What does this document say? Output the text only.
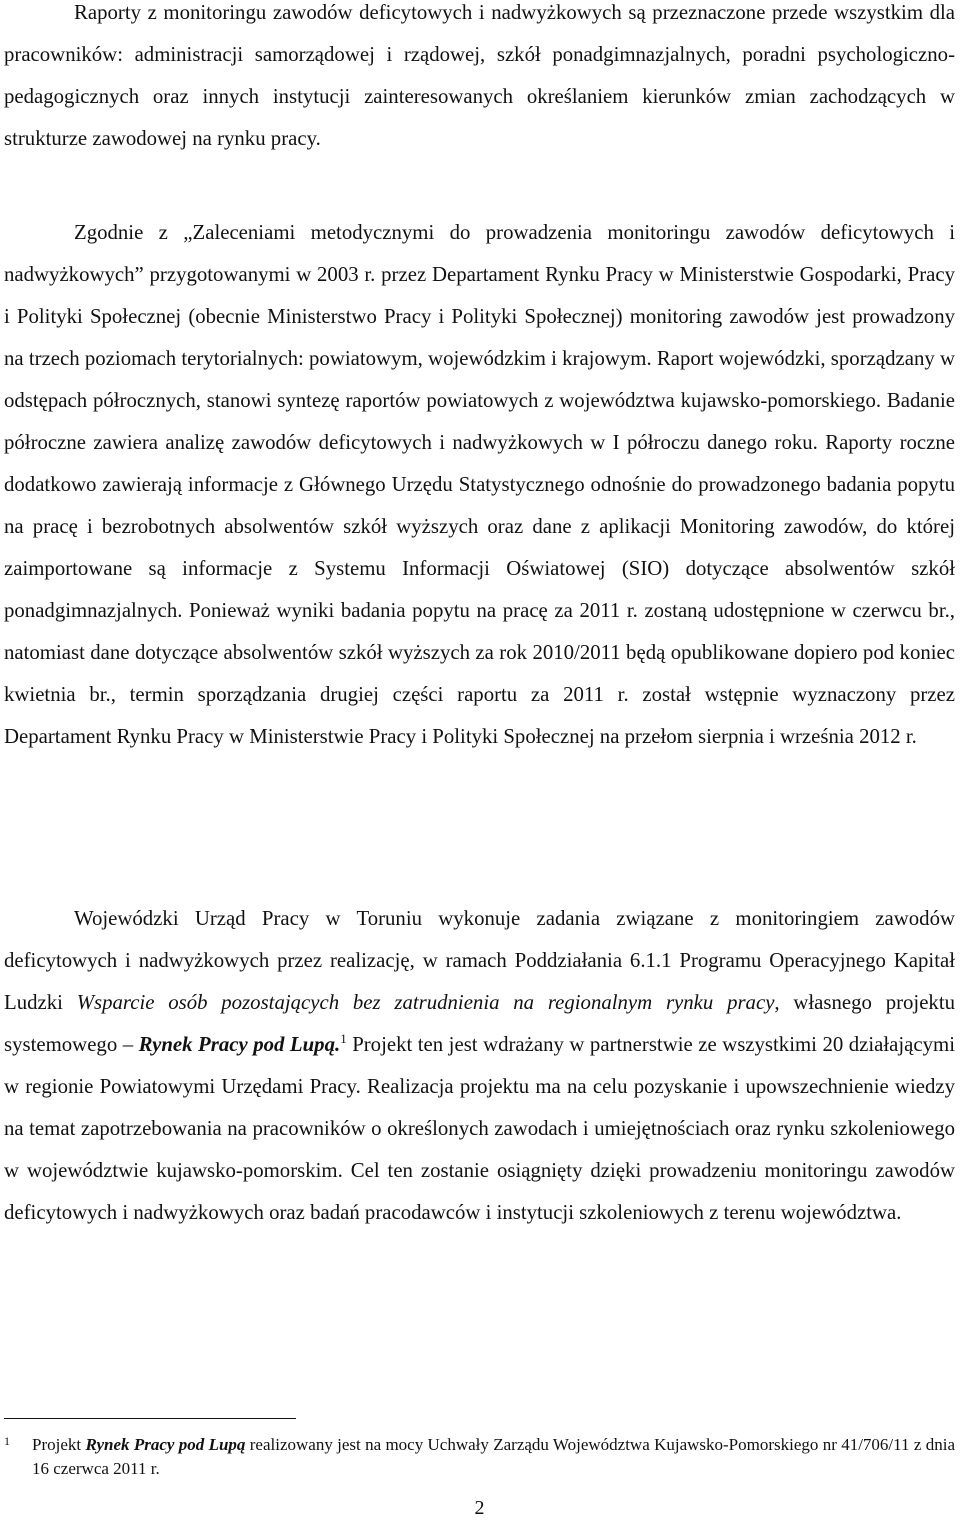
Raporty z monitoringu zawodów deficytowych i nadwyżkowych są przeznaczone przede wszystkim dla pracowników: administracji samorządowej i rządowej, szkół ponadgimnazjalnych, poradni psychologiczno-pedagogicznych oraz innych instytucji zainteresowanych określaniem kierunków zmian zachodzących w strukturze zawodowej na rynku pracy.

Zgodnie z „Zaleceniami metodycznymi do prowadzenia monitoringu zawodów deficytowych i nadwyżkowych” przygotowanymi w 2003 r. przez Departament Rynku Pracy w Ministerstwie Gospodarki, Pracy i Polityki Społecznej (obecnie Ministerstwo Pracy i Polityki Społecznej) monitoring zawodów jest prowadzony na trzech poziomach terytorialnych: powiatowym, wojewódzkim i krajowym. Raport wojewódzki, sporządzany w odstępach półrocznych, stanowi syntezę raportów powiatowych z województwa kujawsko-pomorskiego. Badanie półroczne zawiera analizę zawodów deficytowych i nadwyżkowych w I półroczu danego roku. Raporty roczne dodatkowo zawierają informacje z Głównego Urzędu Statystycznego odnośnie do prowadzonego badania popytu na pracę i bezrobotnych absolwentów szkół wyższych oraz dane z aplikacji Monitoring zawodów, do której zaimportowane są informacje z Systemu Informacji Oświatowej (SIO) dotyczące absolwentów szkół ponadgimnazjalnych. Ponieważ wyniki badania popytu na pracę za 2011 r. zostaną udostępnione w czerwcu br., natomiast dane dotyczące absolwentów szkół wyższych za rok 2010/2011 będą opublikowane dopiero pod koniec kwietnia br., termin sporządzania drugiej części raportu za 2011 r. został wstępnie wyznaczony przez Departament Rynku Pracy w Ministerstwie Pracy i Polityki Społecznej na przełom sierpnia i września 2012 r.

Wojewódzki Urząd Pracy w Toruniu wykonuje zadania związane z monitoringiem zawodów deficytowych i nadwyżkowych przez realizację, w ramach Poddziałania 6.1.1 Programu Operacyjnego Kapitał Ludzki Wsparcie osób pozostających bez zatrudnienia na regionalnym rynku pracy, własnego projektu systemowego – Rynek Pracy pod Lupą.$^1$ Projekt ten jest wdrażany w partnerstwie ze wszystkimi 20 działającymi w regionie Powiatowymi Urzędami Pracy. Realizacja projektu ma na celu pozyskanie i upowszechnienie wiedzy na temat zapotrzebowania na pracowników o określonych zawodach i umiejętnościach oraz rynku szkoleniowego w województwie kujawsko-pomorskim. Cel ten zostanie osiągnięty dzięki prowadzeniu monitoringu zawodów deficytowych i nadwyżkowych oraz badań pracodawców i instytucji szkoleniowych z terenu województwa.

1	Projekt Rynek Pracy pod Lupą realizowany jest na mocy Uchwały Zarządu Województwa Kujawsko-Pomorskiego nr 41/706/11 z dnia 16 czerwca 2011 r.
2
